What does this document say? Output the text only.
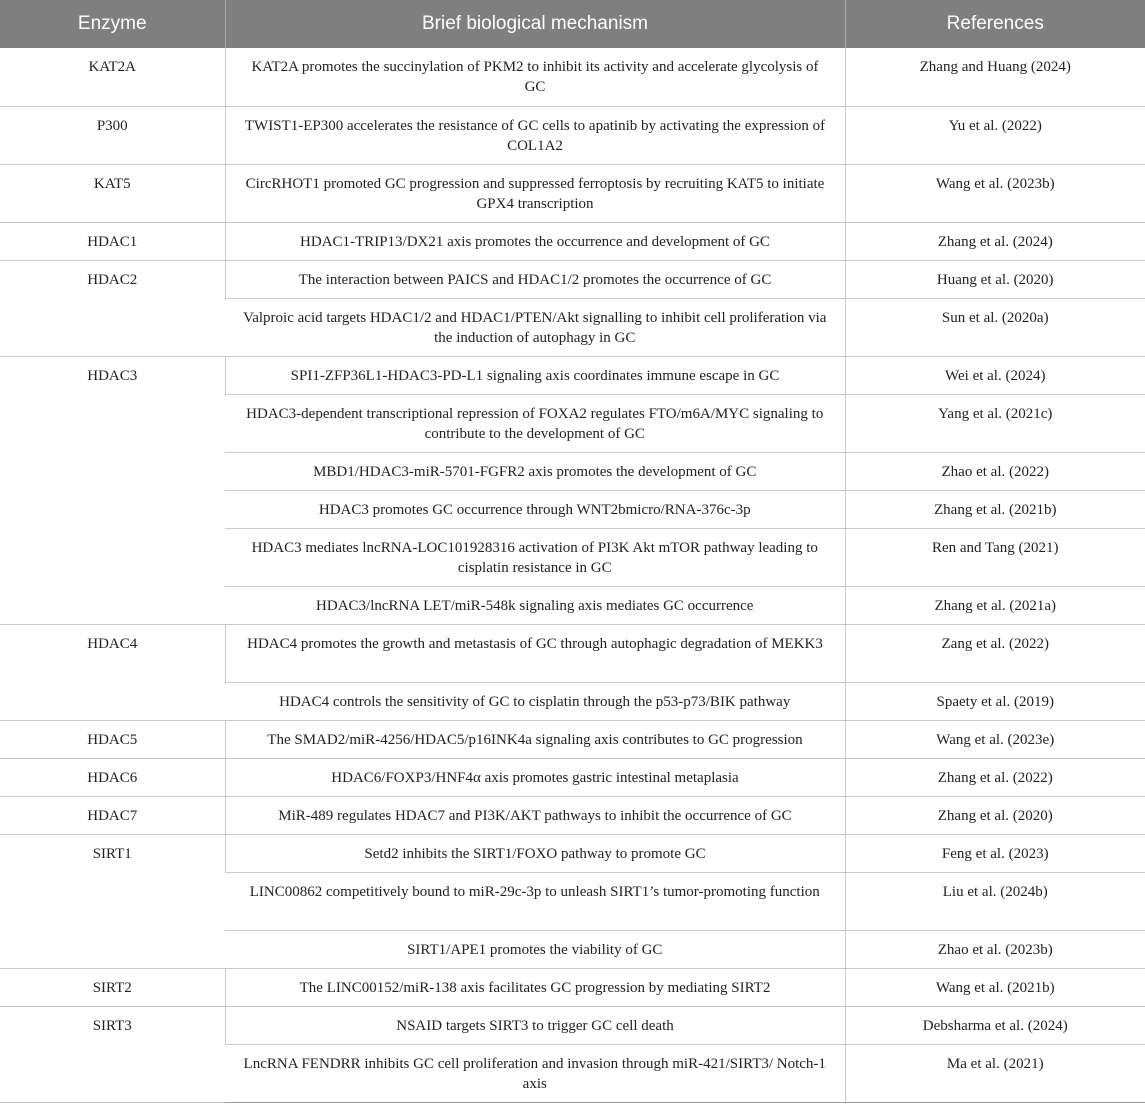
Enzyme	Brief biological mechanism	References
KAT2A	KAT2A promotes the succinylation of PKM2 to inhibit its activity and accelerate glycolysis of GC	Zhang and Huang (2024)
P300	TWIST1-EP300 accelerates the resistance of GC cells to apatinib by activating the expression of COL1A2	Yu et al. (2022)
KAT5	CircRHOT1 promoted GC progression and suppressed ferroptosis by recruiting KAT5 to initiate GPX4 transcription	Wang et al. (2023b)
HDAC1	HDAC1-TRIP13/DX21 axis promotes the occurrence and development of GC	Zhang et al. (2024)
HDAC2	The interaction between PAICS and HDAC1/2 promotes the occurrence of GC	Huang et al. (2020)
	Valproic acid targets HDAC1/2 and HDAC1/PTEN/Akt signalling to inhibit cell proliferation via the induction of autophagy in GC	Sun et al. (2020a)
HDAC3	SPI1-ZFP36L1-HDAC3-PD-L1 signaling axis coordinates immune escape in GC	Wei et al. (2024)
	HDAC3-dependent transcriptional repression of FOXA2 regulates FTO/m6A/MYC signaling to contribute to the development of GC	Yang et al. (2021c)
	MBD1/HDAC3-miR-5701-FGFR2 axis promotes the development of GC	Zhao et al. (2022)
	HDAC3 promotes GC occurrence through WNT2bmicro/RNA-376c-3p	Zhang et al. (2021b)
	HDAC3 mediates lncRNA-LOC101928316 activation of PI3K Akt mTOR pathway leading to cisplatin resistance in GC	Ren and Tang (2021)
	HDAC3/lncRNA LET/miR-548k signaling axis mediates GC occurrence	Zhang et al. (2021a)
HDAC4	HDAC4 promotes the growth and metastasis of GC through autophagic degradation of MEKK3	Zang et al. (2022)
	HDAC4 controls the sensitivity of GC to cisplatin through the p53-p73/BIK pathway	Spaety et al. (2019)
HDAC5	The SMAD2/miR-4256/HDAC5/p16INK4a signaling axis contributes to GC progression	Wang et al. (2023e)
HDAC6	HDAC6/FOXP3/HNF4α axis promotes gastric intestinal metaplasia	Zhang et al. (2022)
HDAC7	MiR-489 regulates HDAC7 and PI3K/AKT pathways to inhibit the occurrence of GC	Zhang et al. (2020)
SIRT1	Setd2 inhibits the SIRT1/FOXO pathway to promote GC	Feng et al. (2023)
	LINC00862 competitively bound to miR-29c-3p to unleash SIRT1’s tumor-promoting function	Liu et al. (2024b)
	SIRT1/APE1 promotes the viability of GC	Zhao et al. (2023b)
SIRT2	The LINC00152/miR-138 axis facilitates GC progression by mediating SIRT2	Wang et al. (2021b)
SIRT3	NSAID targets SIRT3 to trigger GC cell death	Debsharma et al. (2024)
	LncRNA FENDRR inhibits GC cell proliferation and invasion through miR-421/SIRT3/ Notch-1 axis	Ma et al. (2021)
